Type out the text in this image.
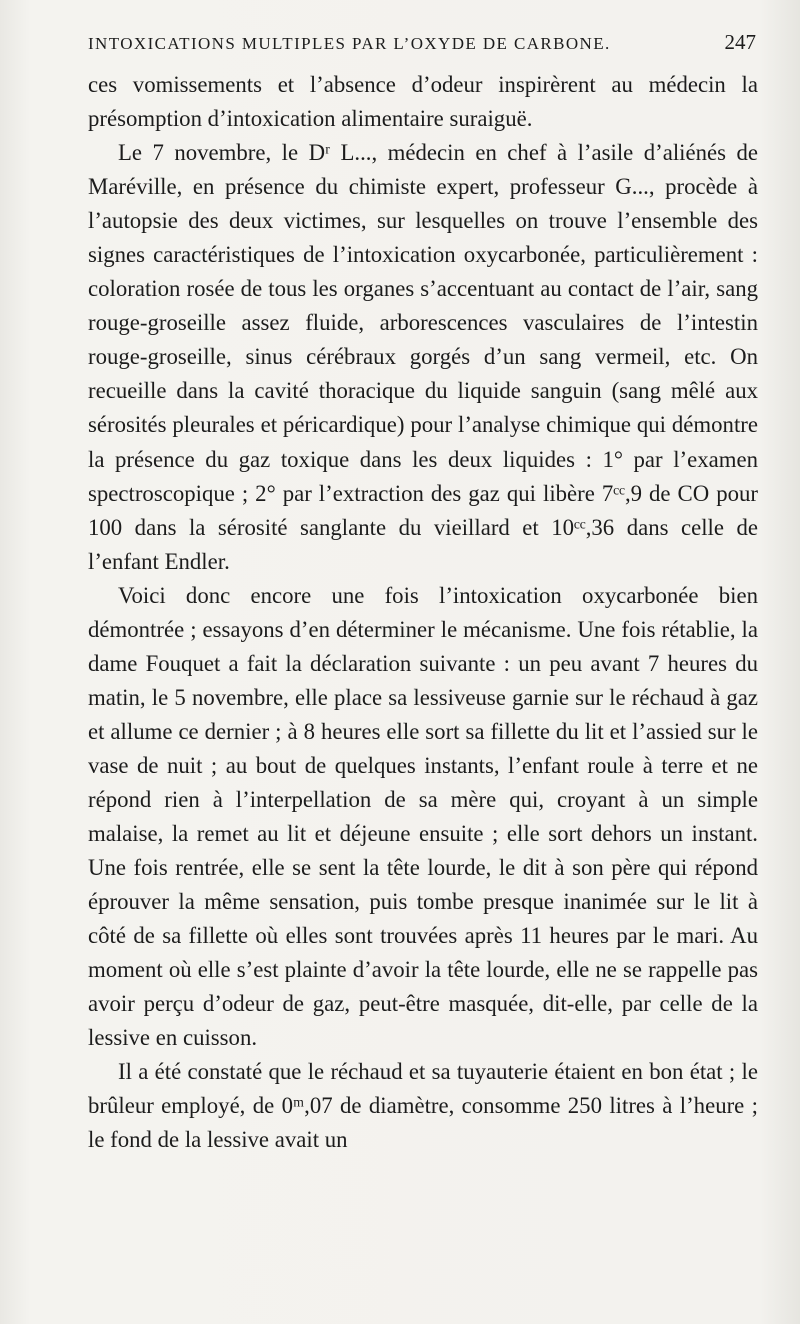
INTOXICATIONS MULTIPLES PAR L’OXYDE DE CARBONE.	247

ces vomissements et l’absence d’odeur inspirèrent au médecin la présomption d’intoxication alimentaire suraiguë.

Le 7 novembre, le Dʳ L..., médecin en chef à l’asile d’aliénés de Maréville, en présence du chimiste expert, professeur G..., procède à l’autopsie des deux victimes, sur lesquelles on trouve l’ensemble des signes caractéristiques de l’intoxication oxycarbonée, particulièrement : coloration rosée de tous les organes s’accentuant au contact de l’air, sang rouge-groseille assez fluide, arborescences vasculaires de l’intestin rouge-groseille, sinus cérébraux gorgés d’un sang vermeil, etc. On recueille dans la cavité thoracique du liquide sanguin (sang mêlé aux sérosités pleurales et péricardique) pour l’analyse chimique qui démontre la présence du gaz toxique dans les deux liquides : 1° par l’examen spectroscopique ; 2° par l’extraction des gaz qui libère 7ᶜᶜ,9 de CO pour 100 dans la sérosité sanglante du vieillard et 10ᶜᶜ,36 dans celle de l’enfant Endler.

Voici donc encore une fois l’intoxication oxycarbonée bien démontrée ; essayons d’en déterminer le mécanisme. Une fois rétablie, la dame Fouquet a fait la déclaration suivante : un peu avant 7 heures du matin, le 5 novembre, elle place sa lessiveuse garnie sur le réchaud à gaz et allume ce dernier ; à 8 heures elle sort sa fillette du lit et l’assied sur le vase de nuit ; au bout de quelques instants, l’enfant roule à terre et ne répond rien à l’interpellation de sa mère qui, croyant à un simple malaise, la remet au lit et déjeune ensuite ; elle sort dehors un instant. Une fois rentrée, elle se sent la tête lourde, le dit à son père qui répond éprouver la même sensation, puis tombe presque inanimée sur le lit à côté de sa fillette où elles sont trouvées après 11 heures par le mari. Au moment où elle s’est plainte d’avoir la tête lourde, elle ne se rappelle pas avoir perçu d’odeur de gaz, peut-être masquée, dit-elle, par celle de la lessive en cuisson.

Il a été constaté que le réchaud et sa tuyauterie étaient en bon état ; le brûleur employé, de 0ᵐ,07 de diamètre, consomme 250 litres à l’heure ; le fond de la lessive avait un
